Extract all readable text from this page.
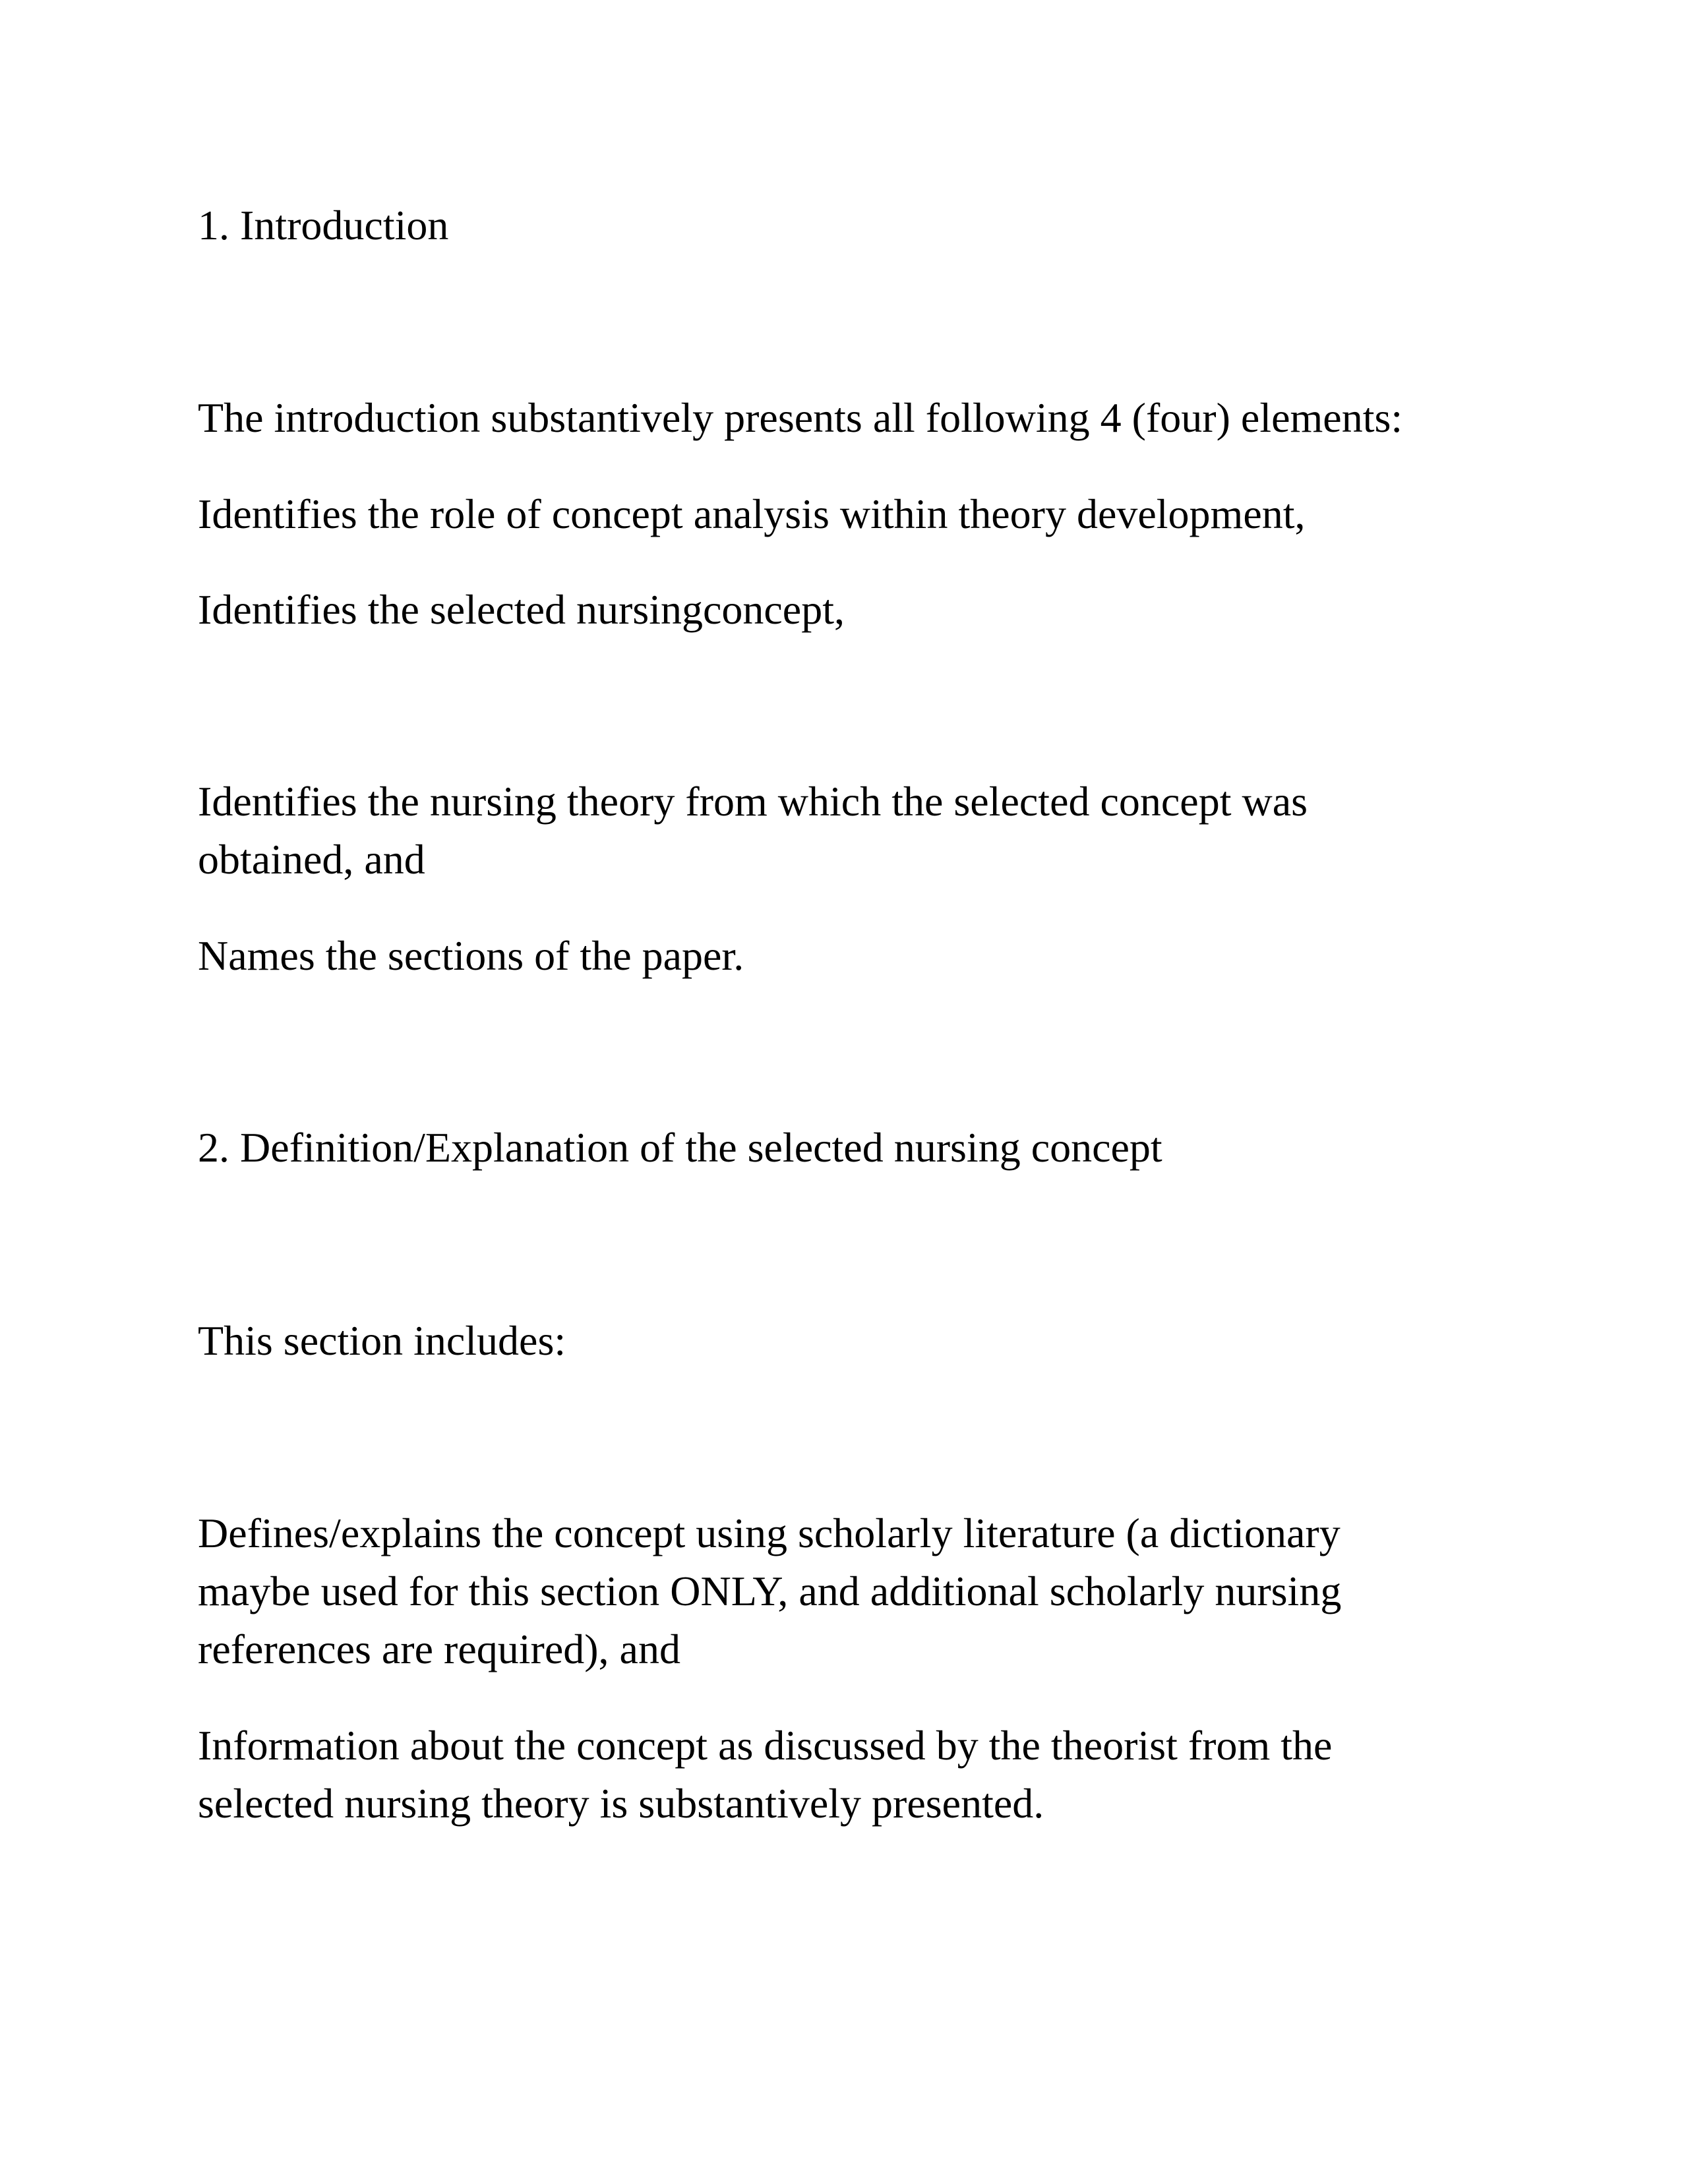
1. Introduction

The introduction substantively presents all following 4 (four) elements:

Identifies the role of concept analysis within theory development,

Identifies the selected nursingconcept,

Identifies the nursing theory from which the selected concept was
obtained, and

Names the sections of the paper.

2. Definition/Explanation of the selected nursing concept

This section includes:

Defines/explains the concept using scholarly literature (a dictionary
maybe used for this section ONLY, and additional scholarly nursing
references are required), and

Information about the concept as discussed by the theorist from the
selected nursing theory is substantively presented.
